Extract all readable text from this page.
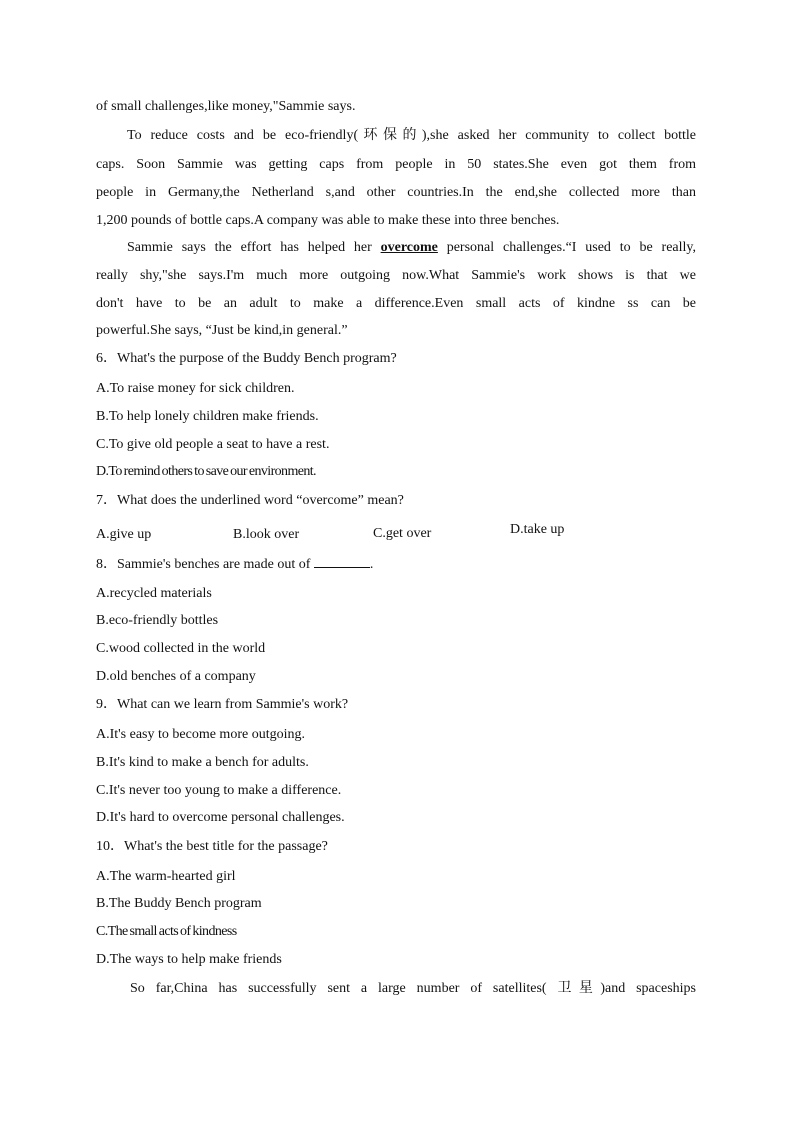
of small challenges,like money,"Sammie says.
To reduce costs and be eco-friendly(环保的),she asked her community to collect bottle
caps. Soon Sammie was getting caps from people in 50 states.She even got them from
people in Germany,the Netherland s,and other countries.In the end,she collected more than
1,200 pounds of bottle caps.A company was able to make these into three benches.
Sammie says the effort has helped her overcome personal challenges.“I used to be really,
really shy,"she says.I'm much more outgoing now.What Sammie's work shows is that we
don't have to be an adult to make a difference.Even small acts of kindne ss can be
powerful.She says, “Just be kind,in general.”
6．What's the purpose of the Buddy Bench program?
A.To raise money for sick children.
B.To help lonely children make friends.
C.To give old people a seat to have a rest.
D.To remind others to save our environment.
7．What does the underlined word “overcome” mean?
A.give up	B.look over	C.get over	D.take up
8．Sammie's benches are made out of	.
A.recycled materials
B.eco-friendly bottles
C.wood collected in the world
D.old benches of a company
9．What can we learn from Sammie's work?
A.It's easy to become more outgoing.
B.It's kind to make a bench for adults.
C.It's never too young to make a difference.
D.It's hard to overcome personal challenges.
10．What's the best title for the passage?
A.The warm-hearted girl
B.The Buddy Bench program
C.The small acts of kindness
D.The ways to help make friends
So far,China has successfully sent a large number of satellites( 卫星)and spaceships
